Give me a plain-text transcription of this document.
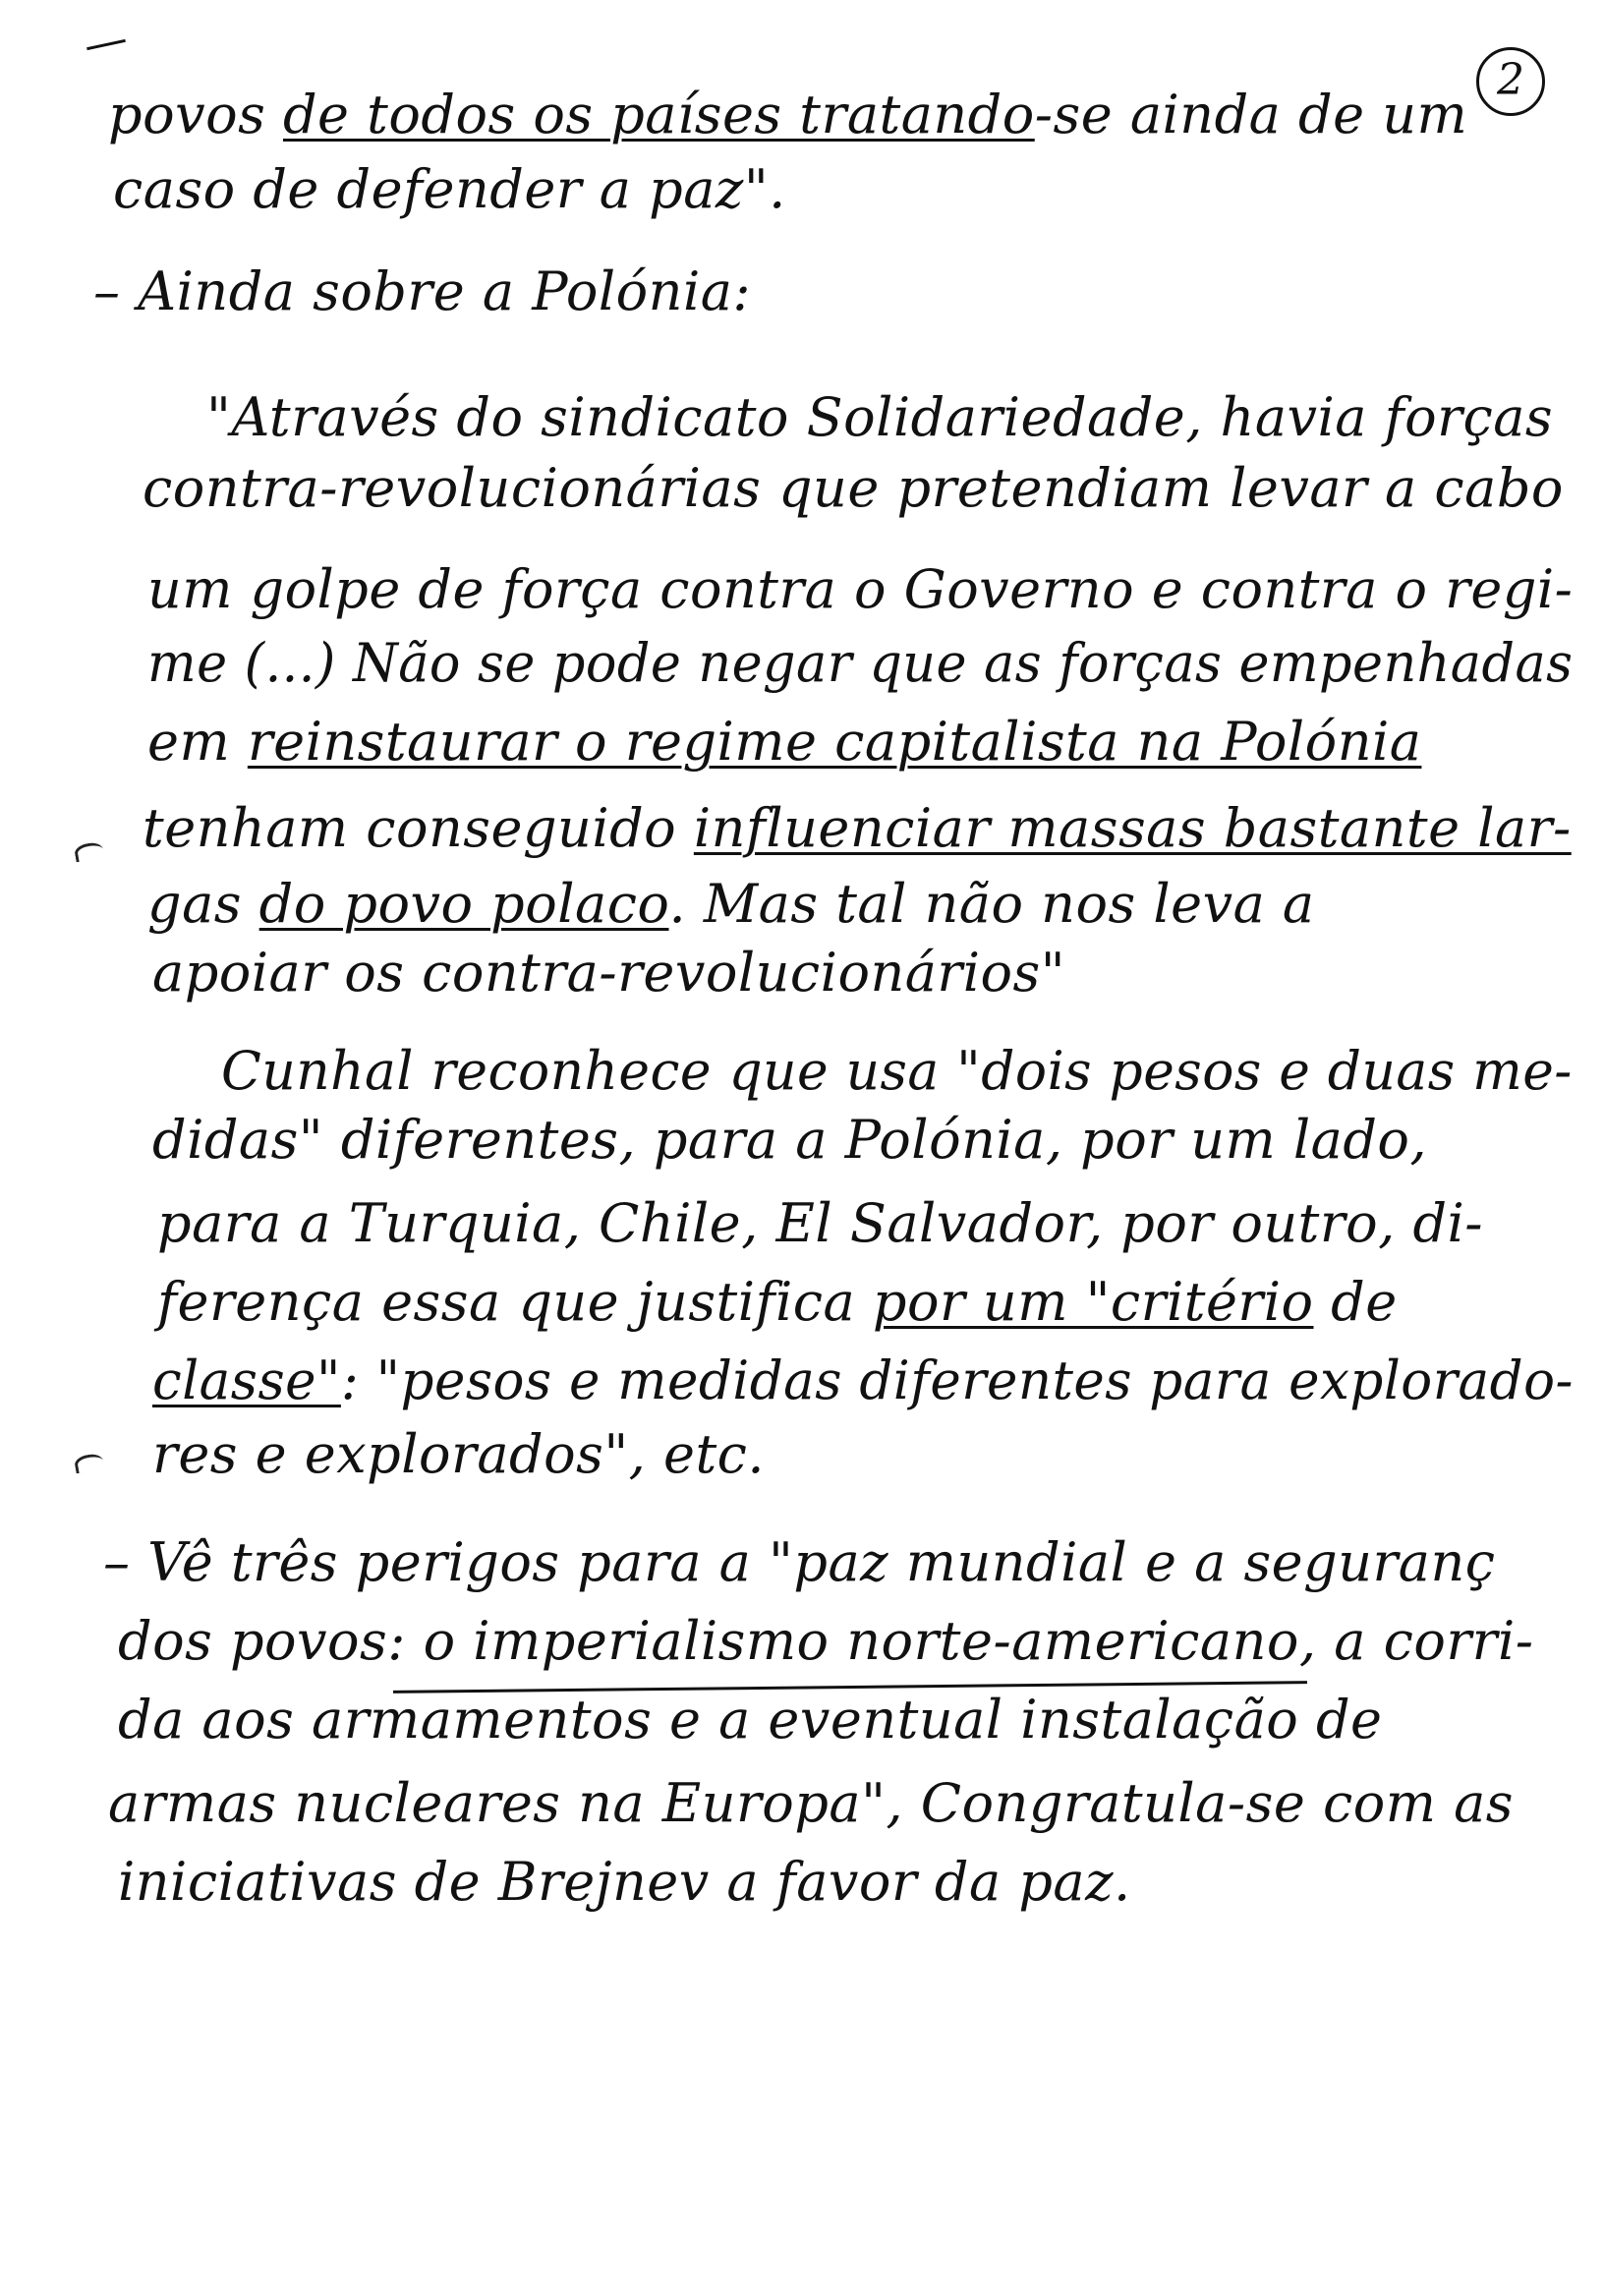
2
povos de todos os países tratando-se ainda de um
caso de defender a paz".
– Ainda sobre a Polónia:
"Através do sindicato Solidariedade, havia forças
contra-revolucionárias que pretendiam levar a cabo
um golpe de força contra o Governo e contra o regi-
me (...) Não se pode negar que as forças empenhadas
em reinstaurar o regime capitalista na Polónia
tenham conseguido influenciar massas bastante lar-
gas do povo polaco. Mas tal não nos leva a
apoiar os contra-revolucionários"
Cunhal reconhece que usa "dois pesos e duas me-
didas" diferentes, para a Polónia, por um lado,
para a Turquia, Chile, El Salvador, por outro, di-
ferença essa que justifica por um "critério de
classe": "pesos e medidas diferentes para explorado-
res e explorados", etc.
– Vê três perigos para a "paz mundial e a seguranç
dos povos: o imperialismo norte-americano, a corri-
da aos armamentos e a eventual instalação de
armas nucleares na Europa", Congratula-se com as
iniciativas de Brejnev a favor da paz.
